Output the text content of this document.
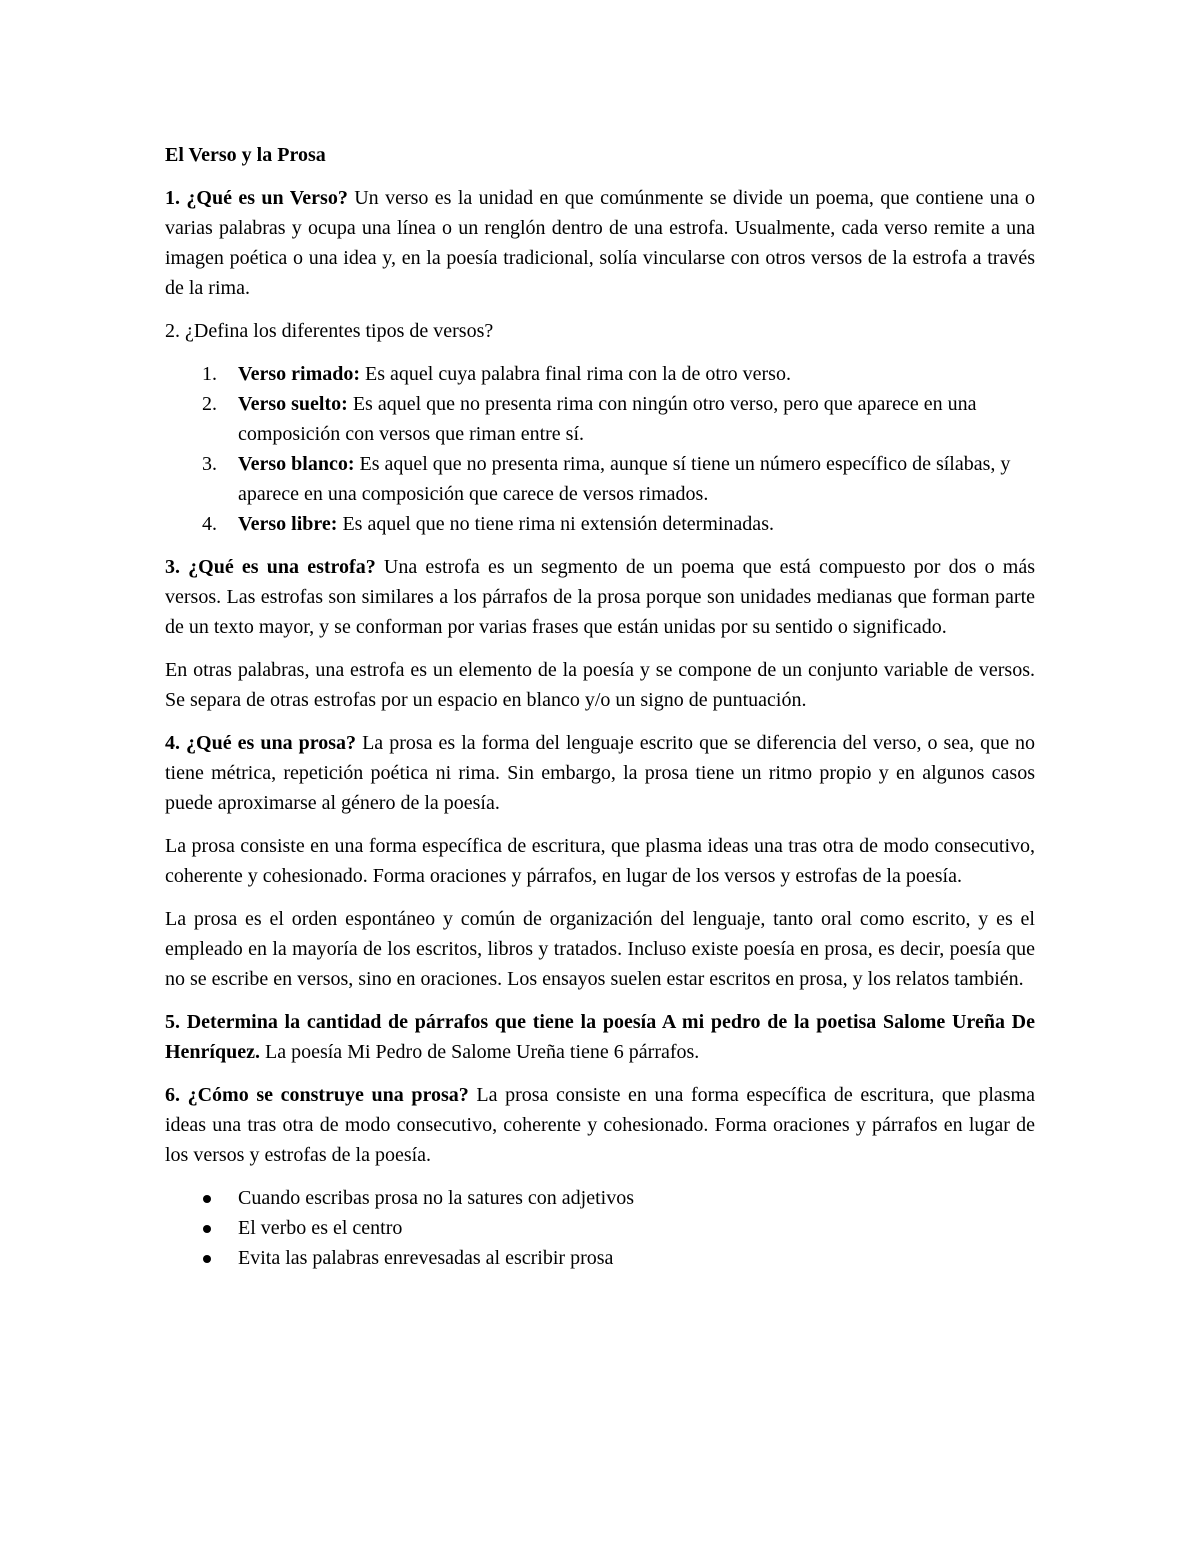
El Verso y la Prosa

1. ¿Qué es un Verso? Un verso es la unidad en que comúnmente se divide un poema, que contiene una o varias palabras y ocupa una línea o un renglón dentro de una estrofa. Usualmente, cada verso remite a una imagen poética o una idea y, en la poesía tradicional, solía vincularse con otros versos de la estrofa a través de la rima.

2. ¿Defina los diferentes tipos de versos?

1.	Verso rimado: Es aquel cuya palabra final rima con la de otro verso.
2.	Verso suelto: Es aquel que no presenta rima con ningún otro verso, pero que aparece en una composición con versos que riman entre sí.
3.	Verso blanco: Es aquel que no presenta rima, aunque sí tiene un número específico de sílabas, y aparece en una composición que carece de versos rimados.
4.	Verso libre: Es aquel que no tiene rima ni extensión determinadas.

3. ¿Qué es una estrofa? Una estrofa es un segmento de un poema que está compuesto por dos o más versos. Las estrofas son similares a los párrafos de la prosa porque son unidades medianas que forman parte de un texto mayor, y se conforman por varias frases que están unidas por su sentido o significado.

En otras palabras, una estrofa es un elemento de la poesía y se compone de un conjunto variable de versos. Se separa de otras estrofas por un espacio en blanco y/o un signo de puntuación.

4. ¿Qué es una prosa? La prosa es la forma del lenguaje escrito que se diferencia del verso, o sea, que no tiene métrica, repetición poética ni rima. Sin embargo, la prosa tiene un ritmo propio y en algunos casos puede aproximarse al género de la poesía.

La prosa consiste en una forma específica de escritura, que plasma ideas una tras otra de modo consecutivo, coherente y cohesionado. Forma oraciones y párrafos, en lugar de los versos y estrofas de la poesía.

La prosa es el orden espontáneo y común de organización del lenguaje, tanto oral como escrito, y es el empleado en la mayoría de los escritos, libros y tratados. Incluso existe poesía en prosa, es decir, poesía que no se escribe en versos, sino en oraciones. Los ensayos suelen estar escritos en prosa, y los relatos también.

5. Determina la cantidad de párrafos que tiene la poesía A mi pedro de la poetisa Salome Ureña De Henríquez. La poesía Mi Pedro de Salome Ureña tiene 6 párrafos.

6. ¿Cómo se construye una prosa? La prosa consiste en una forma específica de escritura, que plasma ideas una tras otra de modo consecutivo, coherente y cohesionado. Forma oraciones y párrafos en lugar de los versos y estrofas de la poesía.

Cuando escribas prosa no la satures con adjetivos
El verbo es el centro
Evita las palabras enrevesadas al escribir prosa
